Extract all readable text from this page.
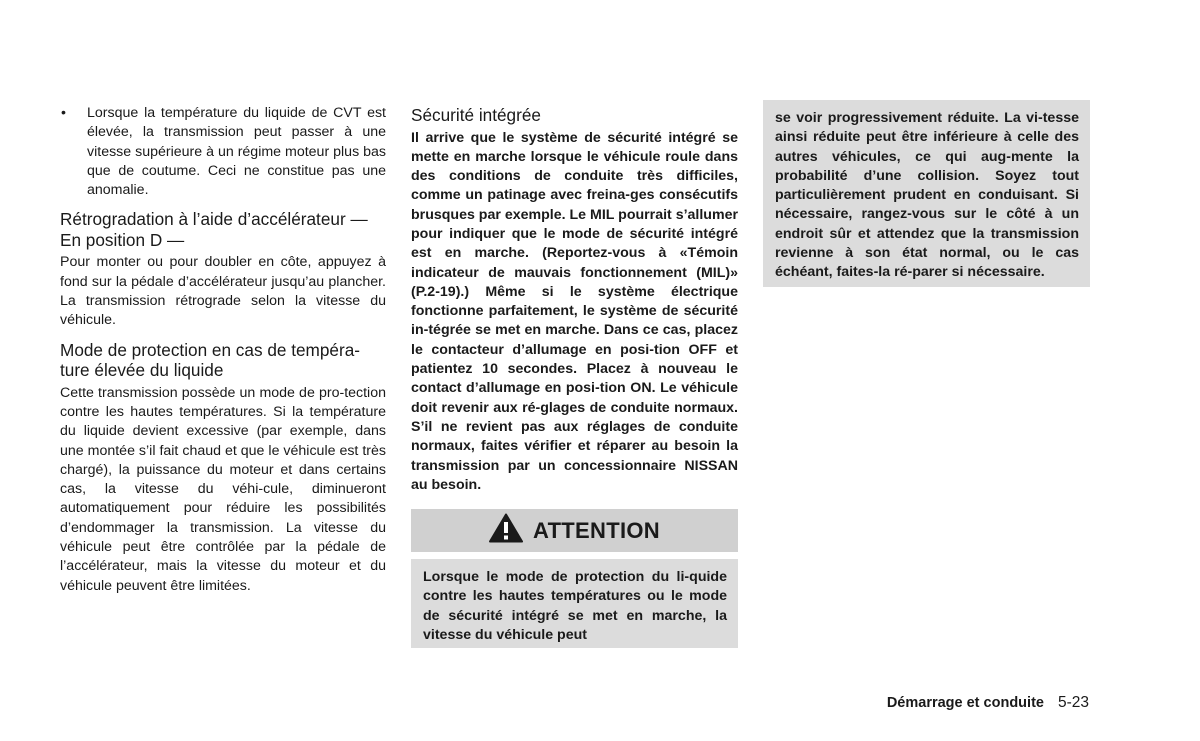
• Lorsque la température du liquide de CVT est élevée, la transmission peut passer à une vitesse supérieure à un régime moteur plus bas que de coutume. Ceci ne constitue pas une anomalie.
Rétrogradation à l’aide d’accélérateur — En position D —

Pour monter ou pour doubler en côte, appuyez à fond sur la pédale d’accélérateur jusqu’au plancher. La transmission rétrograde selon la vitesse du véhicule.

Mode de protection en cas de tempéra-ture élevée du liquide

Cette transmission possède un mode de pro-tection contre les hautes températures. Si la température du liquide devient excessive (par exemple, dans une montée s’il fait chaud et que le véhicule est très chargé), la puissance du moteur et dans certains cas, la vitesse du véhi-cule, diminueront automatiquement pour réduire les possibilités d’endommager la transmission. La vitesse du véhicule peut être contrôlée par la pédale de l’accélérateur, mais la vitesse du moteur et du véhicule peuvent être limitées.

Sécurité intégrée

Il arrive que le système de sécurité intégré se mette en marche lorsque le véhicule roule dans des conditions de conduite très difficiles, comme un patinage avec freina-ges consécutifs brusques par exemple. Le MIL pourrait s’allumer pour indiquer que le mode de sécurité intégré est en marche. (Reportez-vous à «Témoin indicateur de mauvais fonctionnement (MIL)» (P.2-19).) Même si le système électrique fonctionne parfaitement, le système de sécurité in-tégrée se met en marche. Dans ce cas, placez le contacteur d’allumage en posi-tion OFF et patientez 10 secondes. Placez à nouveau le contact d’allumage en posi-tion ON. Le véhicule doit revenir aux ré-glages de conduite normaux. S’il ne revient pas aux réglages de conduite normaux, faites vérifier et réparer au besoin la transmission par un concessionnaire NISSAN au besoin.

ATTENTION

Lorsque le mode de protection du li-quide contre les hautes températures ou le mode de sécurité intégré se met en marche, la vitesse du véhicule peut

se voir progressivement réduite. La vi-tesse ainsi réduite peut être inférieure à celle des autres véhicules, ce qui aug-mente la probabilité d’une collision. Soyez tout particulièrement prudent en conduisant. Si nécessaire, rangez-vous sur le côté à un endroit sûr et attendez que la transmission revienne à son état normal, ou le cas échéant, faites-la ré-parer si nécessaire.

Démarrage et conduite 5-23
